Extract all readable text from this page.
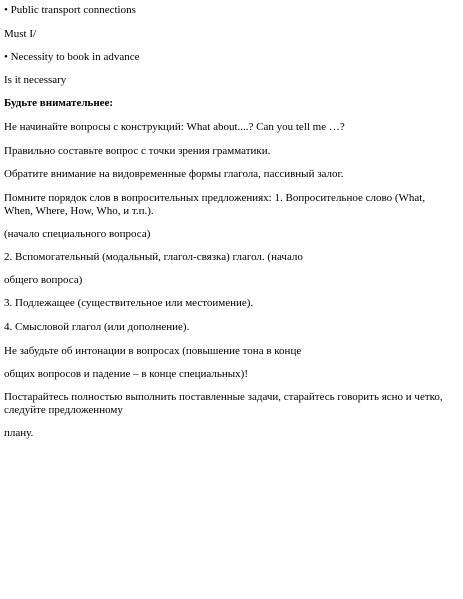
• Public transport connections
Must I/
• Necessity to book in advance
Is it necessary
Будьте внимательнее:
Не начинайте вопросы с конструкций: What about....? Can you tell me …?
Правильно составьте вопрос с точки зрения грамматики.
Обратите внимание на видовременные формы глагола, пассивный залог.
Помните порядок слов в вопросительных предложениях: 1. Вопросительное слово (What, When, Where, How, Who, и т.п.).
(начало специального вопроса)
2. Вспомогательный (модальный, глагол-связка) глагол. (начало
общего вопроса)
3. Подлежащее (существительное или местоимение).
4. Смысловой глагол (или дополнение).
Не забудьте об интонации в вопросах (повышение тона в конце
общих вопросов и падение – в конце специальных)!
Постарайтесь полностью выполнить поставленные задачи, старайтесь говорить ясно и четко, следуйте предложенному
плану.
